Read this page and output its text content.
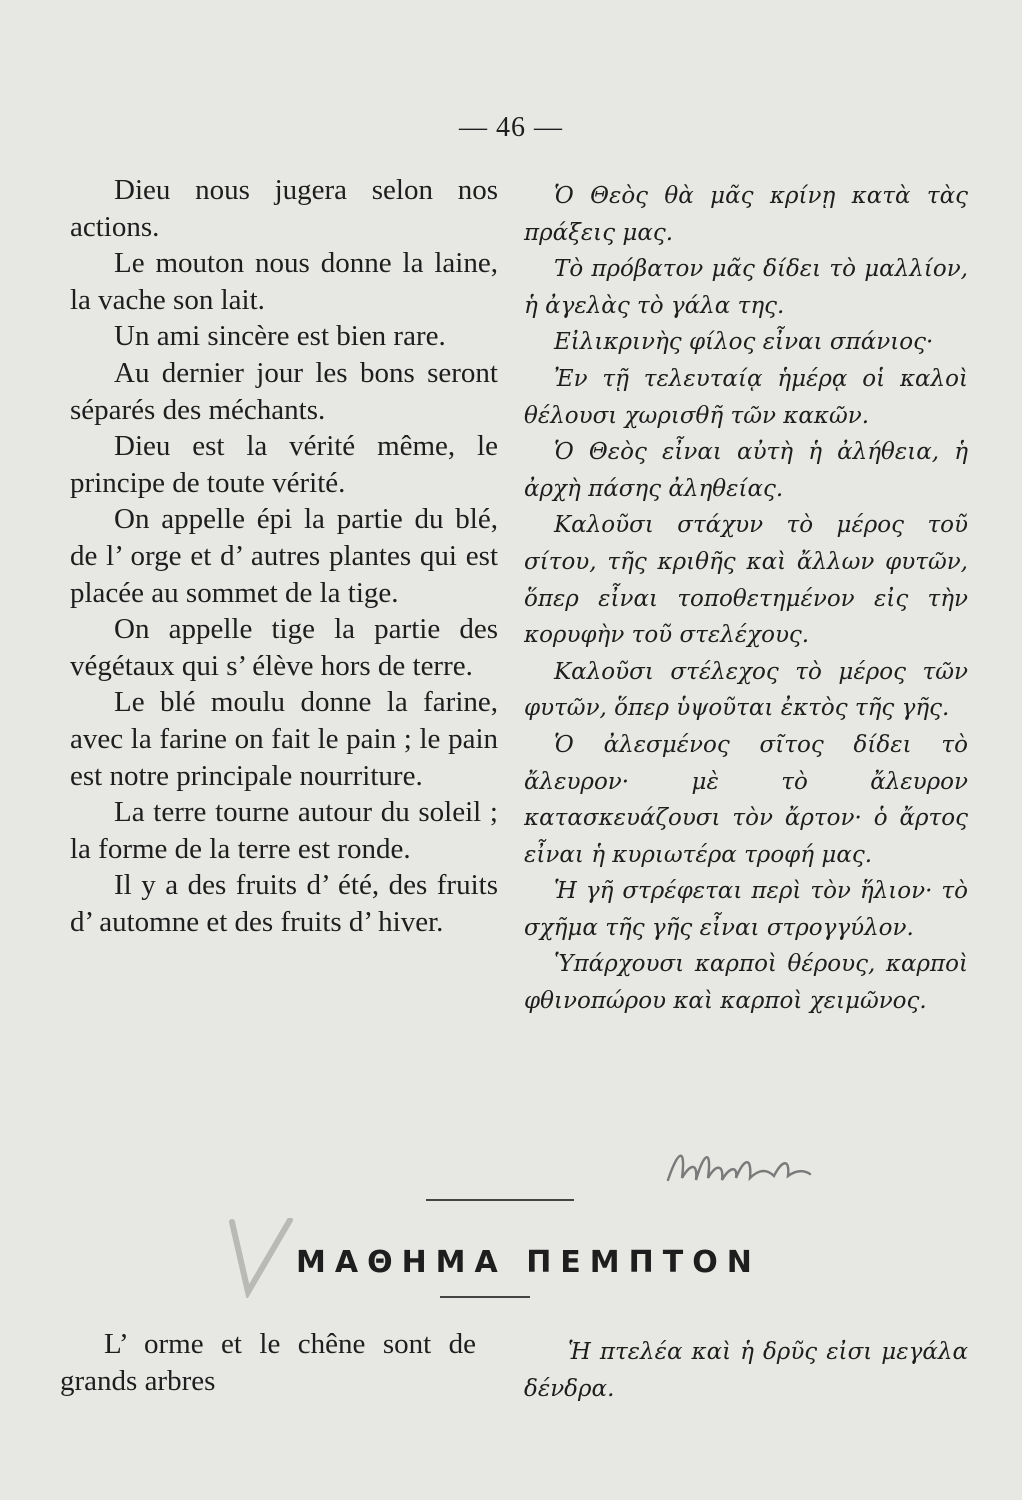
— 46 —

Dieu nous jugera selon nos actions.

Le mouton nous donne la laine, la vache son lait.

Un ami sincère est bien rare.

Au dernier jour les bons seront séparés des méchants.

Dieu est la vérité même, le principe de toute vérité.

On appelle épi la partie du blé, de l’ orge et d’ autres plantes qui est placée au sommet de la tige.

On appelle tige la partie des végétaux qui s’ élève hors de terre.

Le blé moulu donne la farine, avec la farine on fait le pain ; le pain est notre principale nourriture.

La terre tourne autour du soleil ; la forme de la terre est ronde.

Il y a des fruits d’ été, des fruits d’ automne et des fruits d’ hiver.

Ὁ Θεὸς θὰ μᾶς κρίνῃ κατὰ τὰς πράξεις μας.

Τὸ πρόβατον μᾶς δίδει τὸ μαλλίον, ἡ ἀγελὰς τὸ γάλα της.

Εἰλικρινὴς φίλος εἶναι σπάνιος·

Ἐν τῇ τελευταίᾳ ἡμέρᾳ οἱ καλοὶ θέλουσι χωρισθῆ τῶν κακῶν.

Ὁ Θεὸς εἶναι αὐτὴ ἡ ἀλήθεια, ἡ ἀρχὴ πάσης ἀληθείας.

Καλοῦσι στάχυν τὸ μέρος τοῦ σίτου, τῆς κριθῆς καὶ ἄλλων φυτῶν, ὅπερ εἶναι τοποθετημένον εἰς τὴν κορυφὴν τοῦ στελέχους.

Καλοῦσι στέλεχος τὸ μέρος τῶν φυτῶν, ὅπερ ὑψοῦται ἐκτὸς τῆς γῆς.

Ὁ ἀλεσμένος σῖτος δίδει τὸ ἄλευρον· μὲ τὸ ἄλευρον κατασκευάζουσι τὸν ἄρτον· ὁ ἄρτος εἶναι ἡ κυριωτέρα τροφή μας.

Ἡ γῆ στρέφεται περὶ τὸν ἥλιον· τὸ σχῆμα τῆς γῆς εἶναι στρογγύλον.

Ὑπάρχουσι καρποὶ θέρους, καρποὶ φθινοπώρου καὶ καρποὶ χειμῶνος.

ΜΑΘΗΜΑ ΠΕΜΠΤΟΝ

L’ orme et le chêne sont de grands arbres

Ἡ πτελέα καὶ ἡ δρῦς εἰσι μεγάλα δένδρα.
